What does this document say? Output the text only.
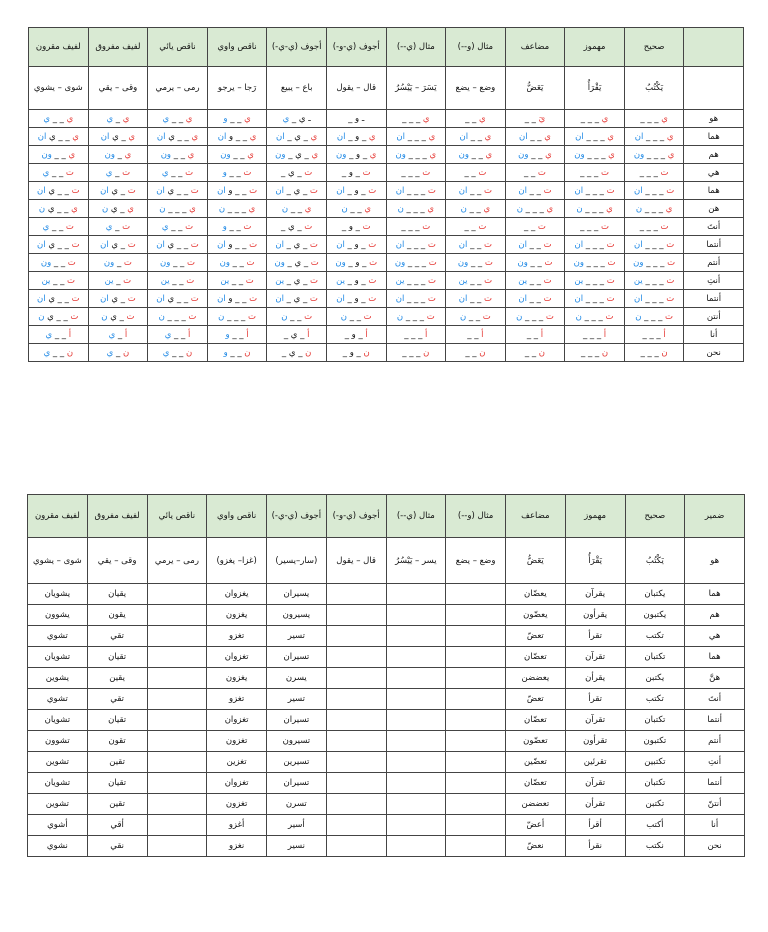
	صحيح	مهموز	مضاعف	مثال (و--)	مثال (ي--)	أجوف (ي-و-)	أجوف (ي-ي-)	ناقص واوي	ناقص يائي	لفيف مفروق	لفيف مقرون
	يَكْتُبُ	يَقْرَأُ	يَعَضُّ	وضع – يضع	يَسَرَ – يَيْسُرُ	قال – يقول	باع – يبيع	رَجا – يرجو	رمى – يرمي	وقى – يقي	شوى – يشوي
هو	ي _ _ _	ي _ _ _	يَ _ _	ي _ _	ي _ _ _	ـ و _	ـ ي _ ي	ي _ _ و	ي _ _ ي	ي _ ي	ي _ _ ي
هما	ي _ _ _ ان	ي _ _ _ ان	ي _ _ ان	ي _ _ ان	ي _ _ _ ان	ي _ و _ ان	ي _ ي _ ان	ي _ _ و ان	ي _ _ ي ان	ي _ ي ان	ي _ _ ي ان
هم	ي _ _ _ ون	ي _ _ _ ون	ي _ _ ون	ي _ _ ون	ي _ _ _ ون	ي _ و _ ون	ي _ ي _ ون	ي _ _ ون	ي _ _ ون	ي _ ون	ي _ _ ون
هي	ت _ _ _	ت _ _ _	ت _ _	ت _ _	ت _ _ _	ت _ و _	ت _ ي _	ت _ _ و	ت _ _ ي	ت _ ي	ت _ _ ي
هما	ت _ _ _ ان	ت _ _ _ ان	ت _ _ ان	ت _ _ ان	ت _ _ _ ان	ت _ و _ ان	ت _ ي _ ان	ت _ _ و ان	ت _ _ ي ان	ت _ ي ان	ت _ _ ي ان
هن	ي _ _ _ ن	ي _ _ _ ن	ي _ _ _ ن	ي _ _ ن	ي _ _ _ ن	ي _ _ ن	ي _ _ ن	ي _ _ _ ن	ي _ _ _ ن	ي _ ي ن	ي _ _ ي ن
أنتَ	ت _ _ _	ت _ _ _	ت _ _	ت _ _	ت _ _ _	ت _ و _	ت _ ي _	ت _ _ و	ت _ _ ي	ت _ ي	ت _ _ ي
أنتما	ت _ _ _ ان	ت _ _ _ ان	ت _ _ ان	ت _ _ ان	ت _ _ _ ان	ت _ و _ ان	ت _ ي _ ان	ت _ _ و ان	ت _ _ ي ان	ت _ ي ان	ت _ _ ي ان
أنتم	ت _ _ _ ون	ت _ _ _ ون	ت _ _ ون	ت _ _ ون	ت _ _ _ ون	ت _ و _ ون	ت _ ي _ ون	ت _ _ ون	ت _ _ ون	ت _ ون	ت _ _ ون
أنتِ	ت _ _ _ ين	ت _ _ _ ين	ت _ _ ين	ت _ _ ين	ت _ _ _ ين	ت _ و _ ين	ت _ ي _ ين	ت _ _ ين	ت _ _ ين	ت _ ين	ت _ _ ين
أنتما	ت _ _ _ ان	ت _ _ _ ان	ت _ _ ان	ت _ _ ان	ت _ _ _ ان	ت _ و _ ان	ت _ ي _ ان	ت _ _ و ان	ت _ _ ي ان	ت _ ي ان	ت _ _ ي ان
أنتن	ت _ _ _ ن	ت _ _ _ ن	ت _ _ _ ن	ت _ _ ن	ت _ _ _ ن	ت _ _ ن	ت _ _ ن	ت _ _ _ ن	ت _ _ _ ن	ت _ ي ن	ت _ _ ي ن
أنا	أ _ _ _	أ _ _ _	أ _ _	أ _ _	أ _ _ _	أ _ و _	أ _ ي _	أ _ _ و	أ _ _ ي	أ _ ي	أ _ _ ي
نحن	ن _ _ _	ن _ _ _	ن _ _	ن _ _	ن _ _ _	ن _ و _	ن _ ي _	ن _ _ و	ن _ _ ي	ن _ ي	ن _ _ ي
ضمير	صحيح	مهموز	مضاعف	مثال (و--)	مثال (ي--)	أجوف (ي-و-)	أجوف (ي-ي-)	ناقص واوي	ناقص يائي	لفيف مفروق	لفيف مقرون
هو	يَكْتُبُ	يَقْرَأُ	يَعَضُّ	وضع – يضع	يسر – يَيْسُرُ	قال – يقول	(سار–يسير)	(غزا– يغزو)	رمى – يرمي	وقى – يقي	شوى – يشوي
هما	يكتبان	يقرآن	يعضّان				يسيران	يغزوان		يقيان	يشويان
هم	يكتبون	يقرأون	يعضّون				يسيرون	يغزون		يقون	يشوون
هي	تكتب	تقرأ	تعضّ				تسير	تغزو		تقي	تشوي
هما	تكتبان	تقرآن	تعضّان				تسيران	تغزوان		تقيان	تشويان
هنَّ	يكتبن	يقرأن	يعضضن				يسرن	يغزون		يقين	يشوين
أنتَ	تكتب	تقرأ	تعضّ				تسير	تغزو		تقي	تشوي
أنتما	تكتبان	تقرآن	تعضّان				تسيران	تغزوان		تقيان	تشويان
أنتم	تكتبون	تقرأون	تعضّون				تسيرون	تغزون		تقون	تشوون
أنتِ	تكتبين	تقرئين	تعضّين				تسيرين	تغزين		تقين	تشوين
أنتما	تكتبان	تقرآن	تعضّان				تسيران	تغزوان		تقيان	تشويان
أنتنّ	تكتبن	تقرأن	تعضضن				تسرن	تغزون		تقين	تشوين
أنا	أكتب	أقرأ	أعضّ				أسير	أغزو		أقي	أشوي
نحن	نكتب	نقرأ	نعضّ				نسير	نغزو		نقي	نشوي
